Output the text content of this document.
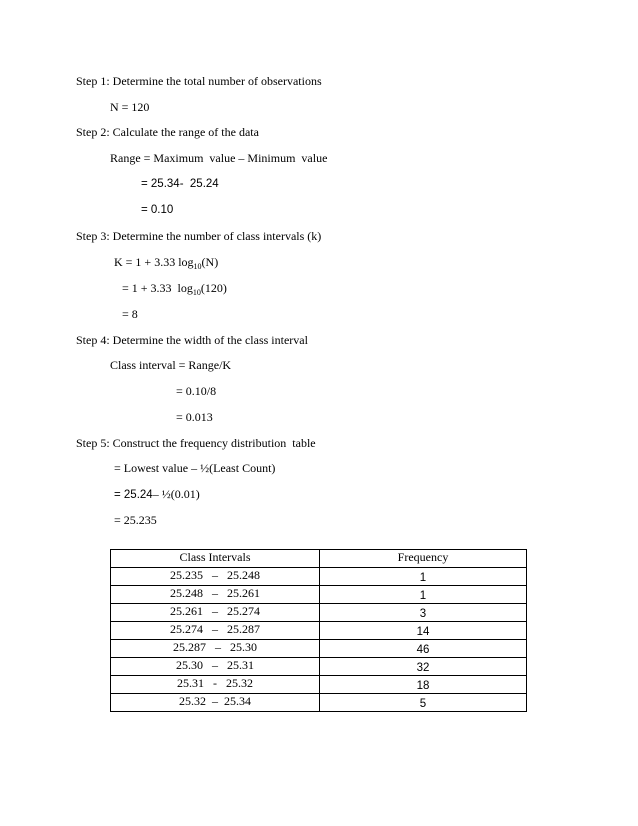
Step 1: Determine the total number of observations
N = 120
Step 2: Calculate the range of the data
Range = Maximum  value – Minimum  value
= 25.34-  25.24
= 0.10
Step 3: Determine the number of class intervals (k)
K = 1 + 3.33 $\log_{10}(N)$
= 1 + 3.33  $\log_{10}(120)$
= 8
Step 4: Determine the width of the class interval
Class interval = Range/K
= 0.10/8
= 0.013
Step 5: Construct the frequency distribution  table
= Lowest value – ½(Least Count)
= 25.24– ½(0.01)
= 25.235
Class Intervals	Frequency
25.235   –   25.248	1
25.248   –   25.261	1
25.261   –   25.274	3
25.274   –   25.287	14
25.287   –   25.30	46
25.30   –   25.31	32
25.31   -   25.32	18
25.32  –  25.34	5
